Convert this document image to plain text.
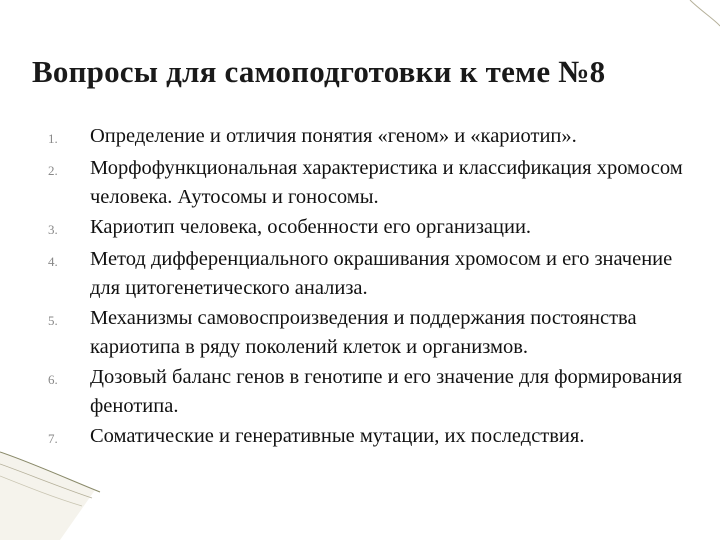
Вопросы для самоподготовки к теме №8
1.	Определение и отличия понятия «геном» и «кариотип».
2.	Морфофункциональная характеристика и классификация хромосом человека. Аутосомы и гоносомы.
3.	Кариотип человека, особенности его организации.
4.	Метод дифференциального окрашивания хромосом и его значение для цитогенетического анализа.
5.	Механизмы самовоспроизведения и поддержания постоянства кариотипа в ряду поколений клеток и организмов.
6.	Дозовый баланс генов в генотипе и его значение для формирования фенотипа.
7.	Соматические и генеративные мутации, их последствия.
